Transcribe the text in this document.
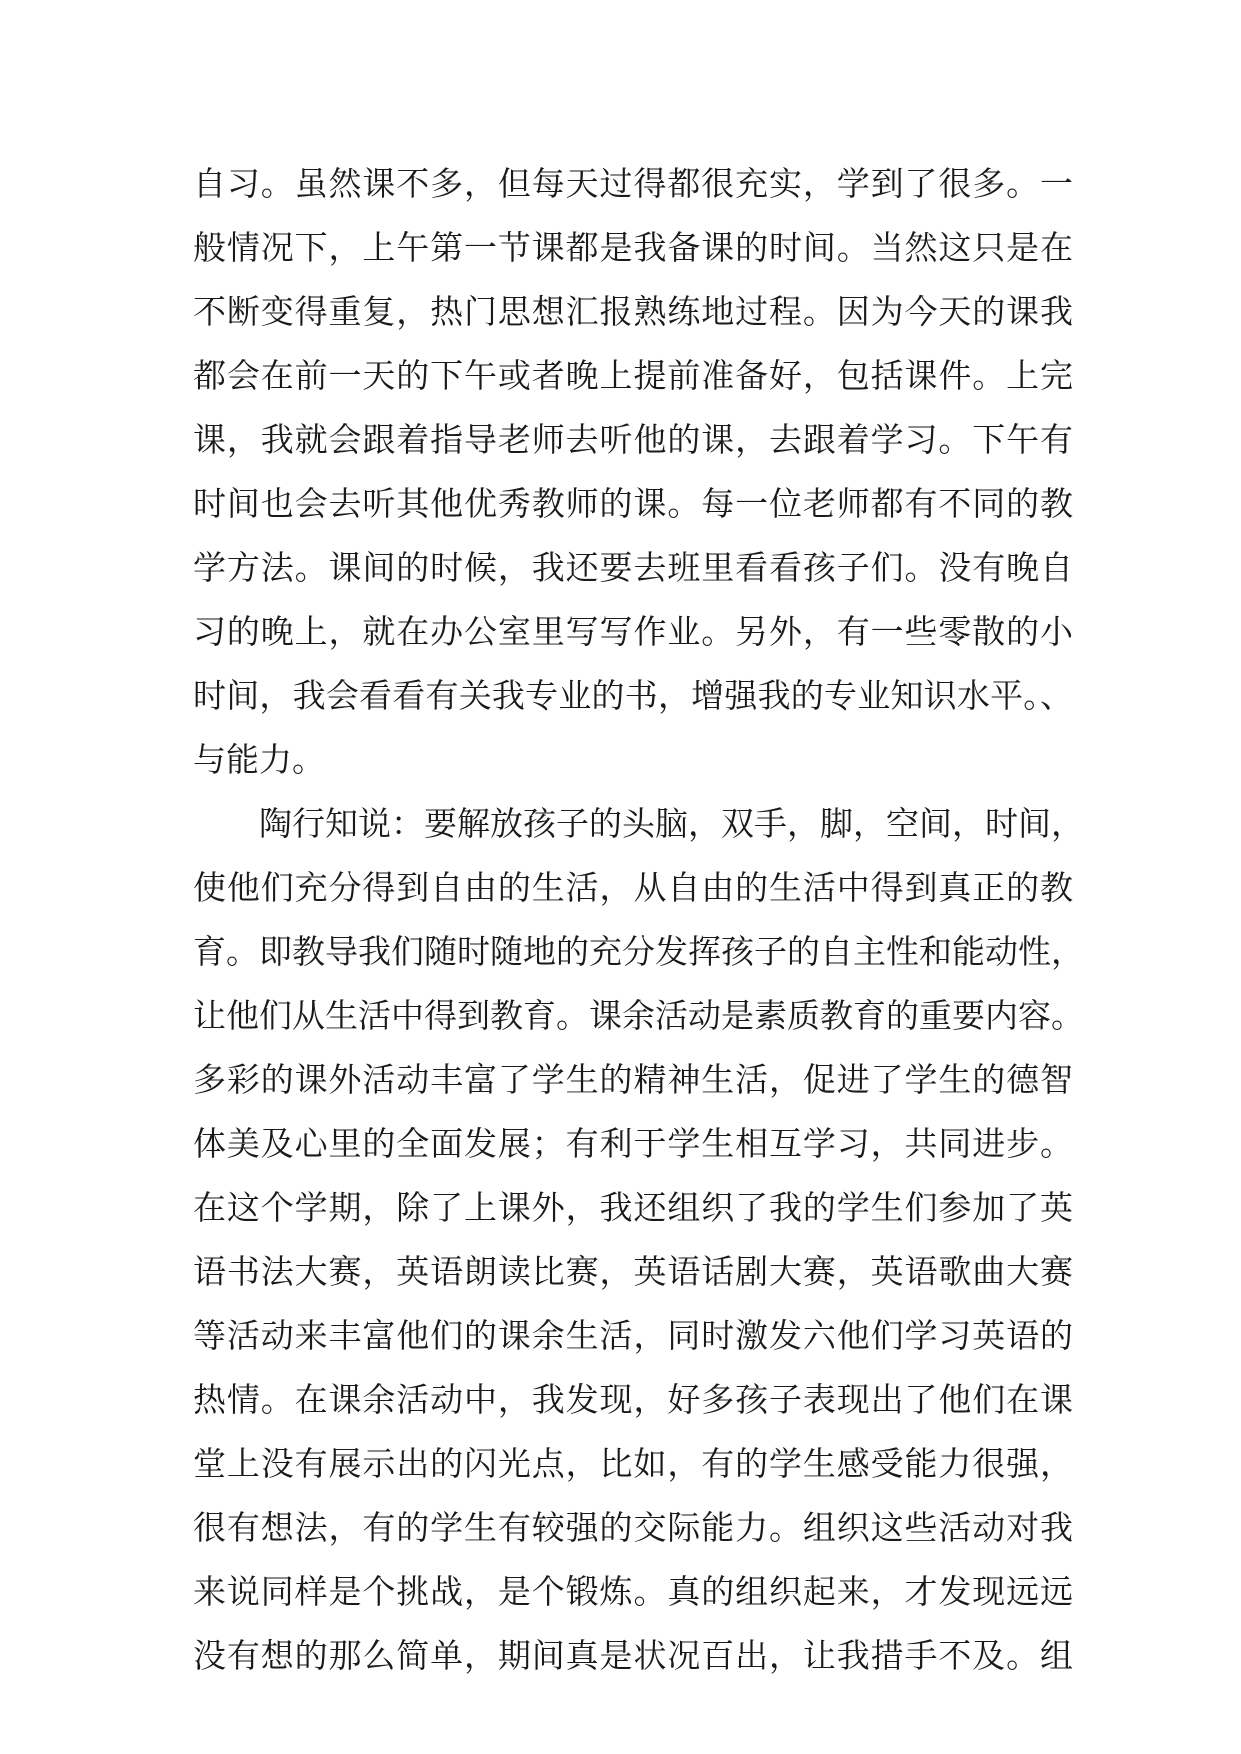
自习。虽然课不多，但每天过得都很充实，学到了很多。一
般情况下，上午第一节课都是我备课的时间。当然这只是在
不断变得重复，热门思想汇报熟练地过程。因为今天的课我
都会在前一天的下午或者晚上提前准备好，包括课件。上完
课，我就会跟着指导老师去听他的课，去跟着学习。下午有
时间也会去听其他优秀教师的课。每一位老师都有不同的教
学方法。课间的时候，我还要去班里看看孩子们。没有晚自
习的晚上，就在办公室里写写作业。另外，有一些零散的小
时间，我会看看有关我专业的书，增强我的专业知识水平。、
与能力。
陶行知说：要解放孩子的头脑，双手，脚，空间，时间，
使他们充分得到自由的生活，从自由的生活中得到真正的教
育。即教导我们随时随地的充分发挥孩子的自主性和能动性，
让他们从生活中得到教育。课余活动是素质教育的重要内容。
多彩的课外活动丰富了学生的精神生活，促进了学生的德智
体美及心里的全面发展；有利于学生相互学习，共同进步。
在这个学期，除了上课外，我还组织了我的学生们参加了英
语书法大赛，英语朗读比赛，英语话剧大赛，英语歌曲大赛
等活动来丰富他们的课余生活，同时激发六他们学习英语的
热情。在课余活动中，我发现，好多孩子表现出了他们在课
堂上没有展示出的闪光点，比如，有的学生感受能力很强，
很有想法，有的学生有较强的交际能力。组织这些活动对我
来说同样是个挑战，是个锻炼。真的组织起来，才发现远远
没有想的那么简单，期间真是状况百出，让我措手不及。组
